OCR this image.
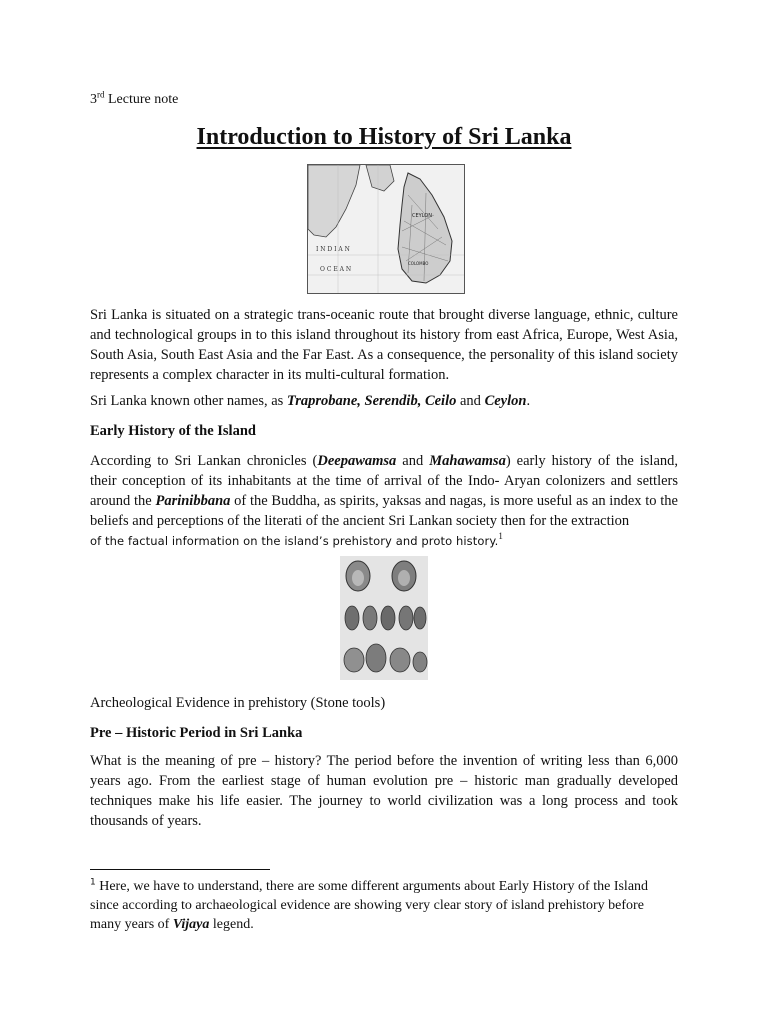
3rd Lecture note
Introduction to History of Sri Lanka
CEYLON
I N D I A N
O C E A N
COLOMBO
Sri Lanka is situated on a strategic trans-oceanic route that brought diverse language, ethnic, culture and technological groups in to this island throughout its history from east Africa, Europe, West Asia, South Asia, South East Asia and the Far East. As a consequence, the personality of this island society represents a complex character in its multi-cultural formation.
Sri Lanka known other names, as Traprobane, Serendib, Ceilo and Ceylon.
Early History of the Island
According to Sri Lankan chronicles (Deepawamsa and Mahawamsa) early history of the island, their conception of its inhabitants at the time of arrival of the Indo- Aryan colonizers and settlers around the Parinibbana of the Buddha, as spirits, yaksas and nagas, is more useful as an index to the beliefs and perceptions of the literati of the ancient Sri Lankan society then for the extraction
of the factual information on the island’s prehistory and proto history.$^1$
Archeological Evidence in prehistory (Stone tools)
Pre – Historic Period in Sri Lanka
What is the meaning of pre – history? The period before the invention of writing less than 6,000 years ago. From the earliest stage of human evolution pre – historic man gradually developed techniques make his life easier. The journey to world civilization was a long process and took thousands of years.
$^1$ Here, we have to understand, there are some different arguments about Early History of the Island since according to archaeological evidence are showing very clear story of island prehistory before many years of Vijaya legend.
